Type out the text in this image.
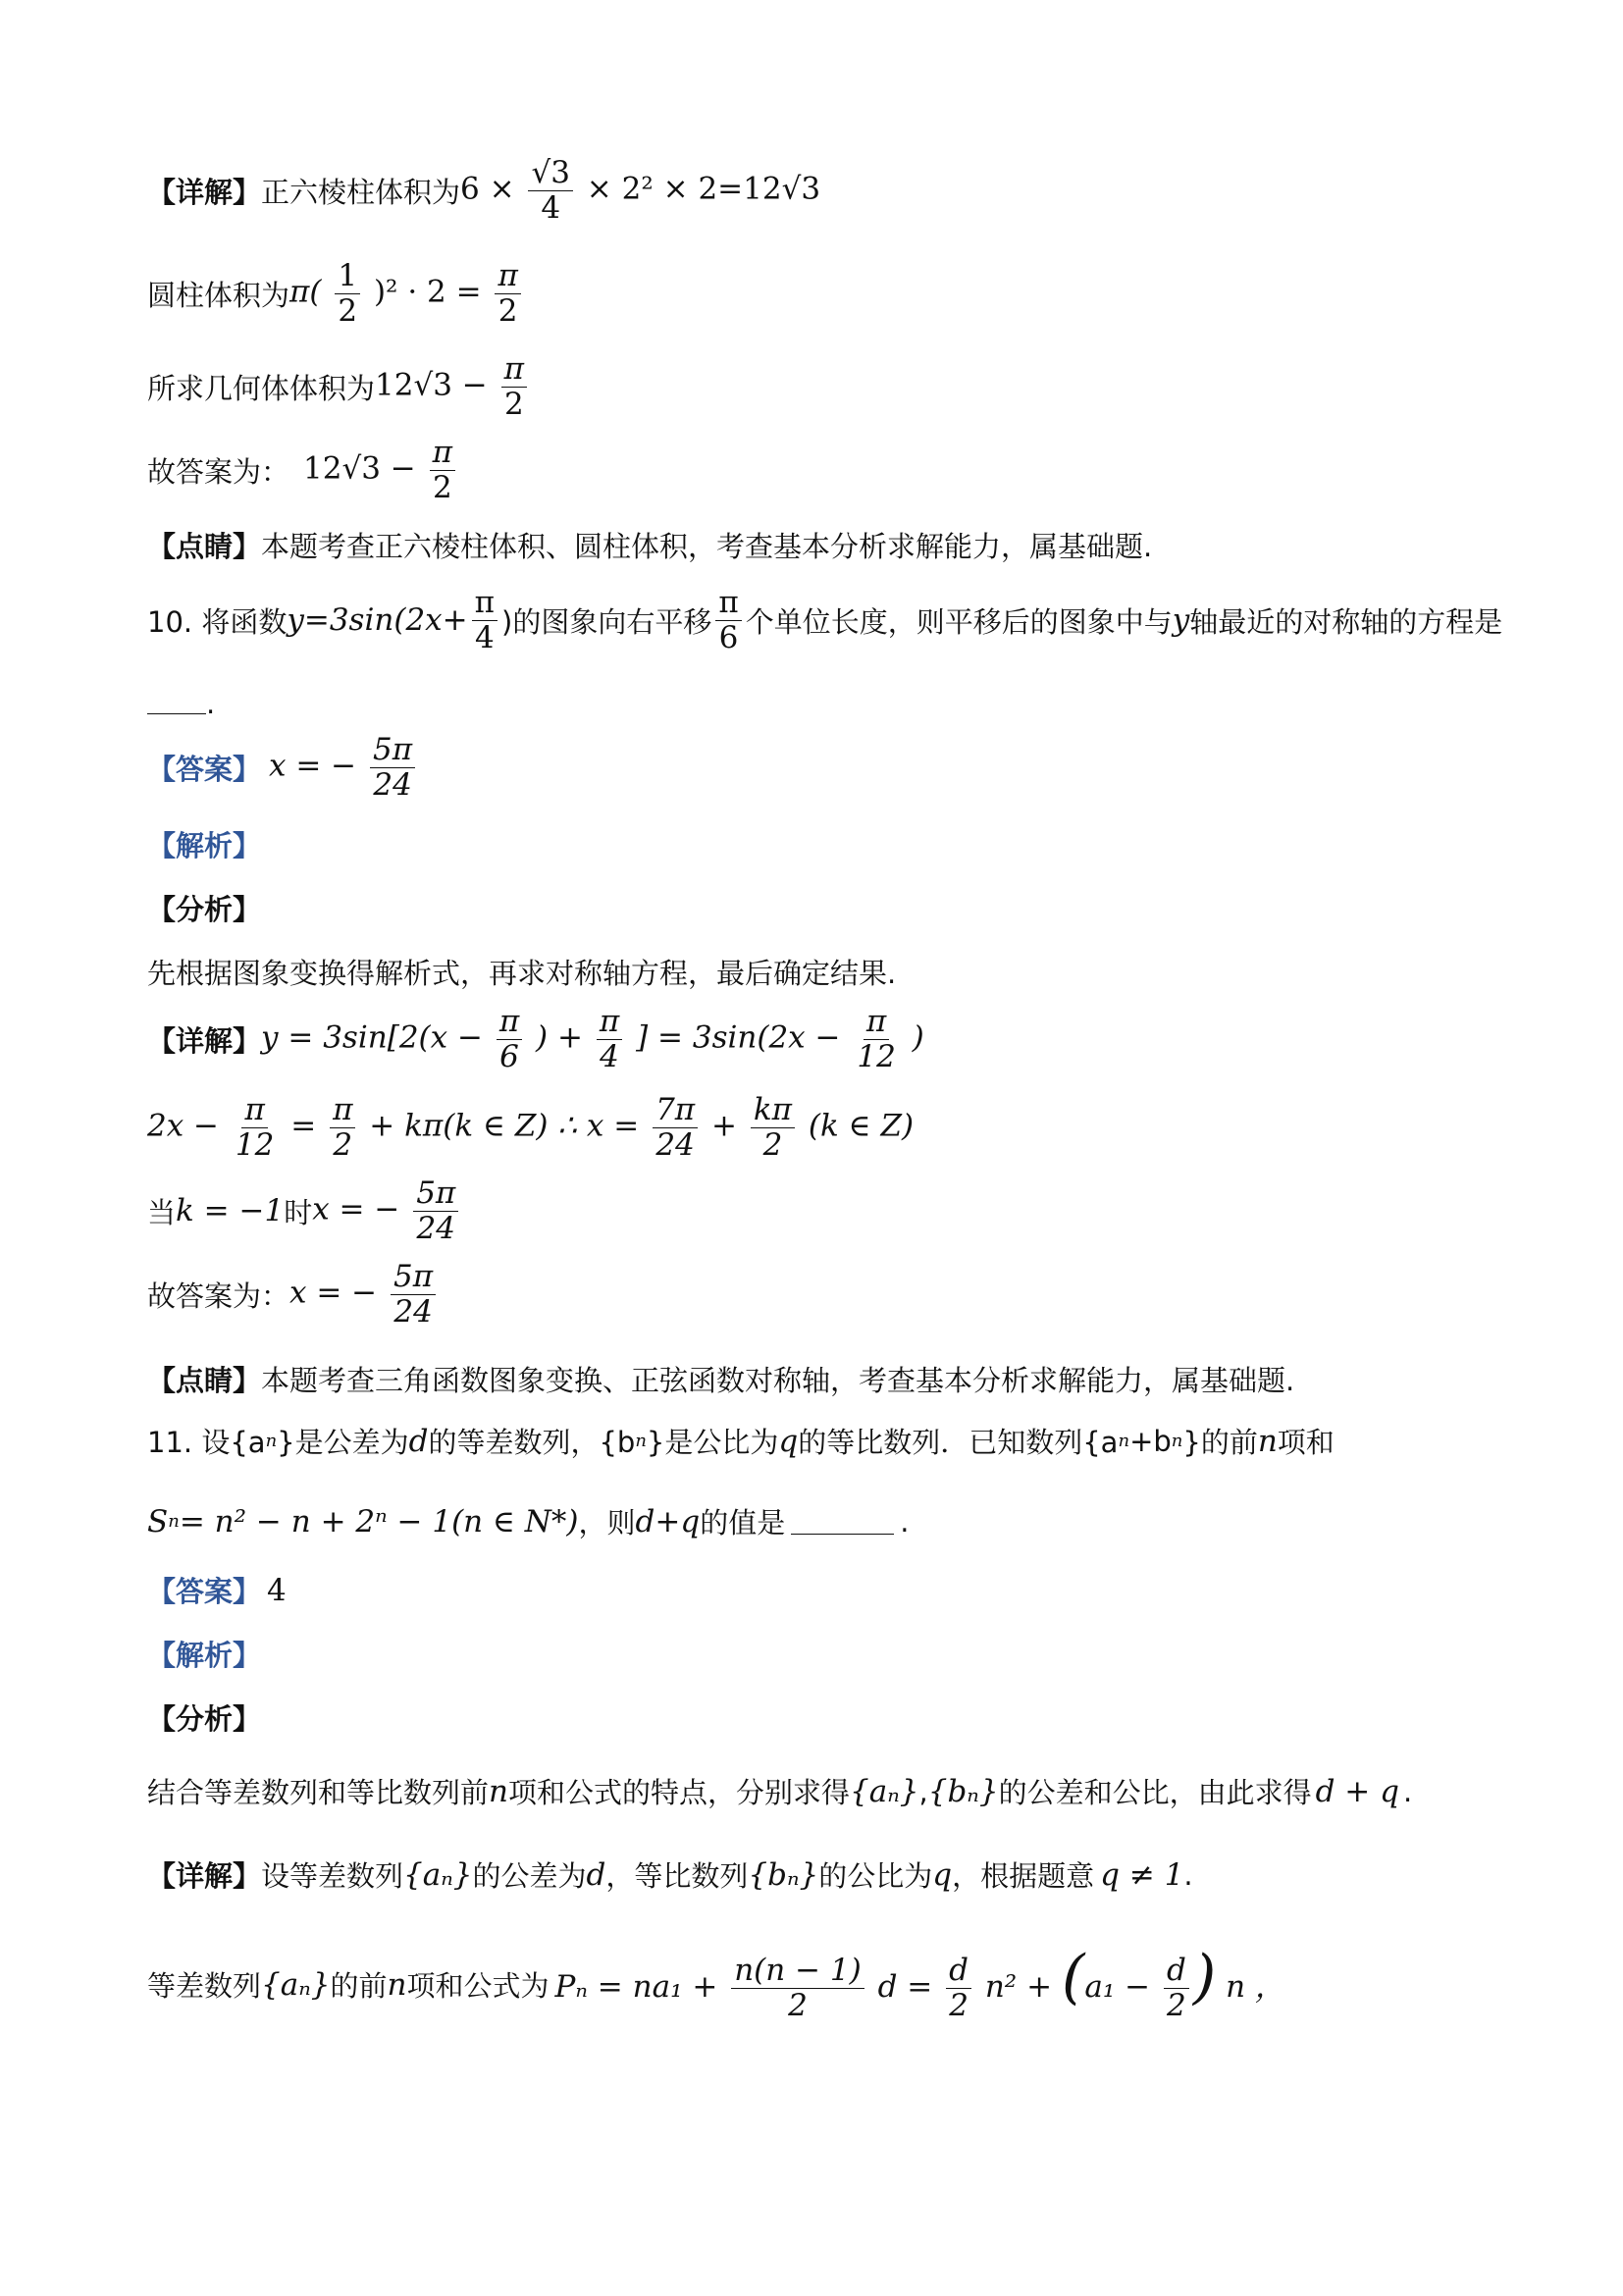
【详解】 正六棱柱体积为 $6 \times \frac{√3}{4} \times 2^2 \times 2=12√3$
圆柱体积为 $\pi( \frac{1}{2} )^2 \cdot 2 = \frac{\pi}{2}$
所求几何体体积为 $12√3 - \frac{\pi}{2}$
故答案为： $12√3 - \frac{\pi}{2}$
【点睛】 本题考查正六棱柱体积、圆柱体积，考查基本分析求解能力，属基础题.
10. 将函数 $y=3\sin(2x+ \frac{\pi}{4}$ )的图象向右平移 $\frac{\pi}{6}$ 个单位长度，则平移后的图象中与 y 轴最近的对称轴的方程是
.
【答案】 x = − $\frac{5\pi}{24}$
【解析】
【分析】
先根据图象变换得解析式，再求对称轴方程，最后确定结果.
【详解】 $y = 3\sin[2(x - \frac{\pi}{6}$ ) + $\frac{\pi}{4}$ ] = $3\sin(2x - \frac{\pi}{12}$ )
$2x - \frac{\pi}{12} = \frac{\pi}{2} + k\pi(k$ ∈ Z) ∴ $x = \frac{7\pi}{24} + \frac{k\pi}{2} (k$ ∈ Z)
当 k = −1 时 x = − $\frac{5\pi}{24}$
故答案为： x = − $\frac{5\pi}{24}$
【点睛】 本题考查三角函数图象变换、正弦函数对称轴，考查基本分析求解能力，属基础题.
11. 设{a n }是公差为 d 的等差数列，{b n }是公比为 q 的等比数列．已知数列{a n +b n }的前 n 项和
S n = n² − n + 2ⁿ − 1(n ∈ N*) ，则 d+q 的值是	.
【答案】 4
【解析】
【分析】
结合等差数列和等比数列前 n 项和公式的特点，分别求得 {aₙ} , {bₙ} 的公差和公比，由此求得 d + q .
【详解】 设等差数列 {aₙ} 的公差为 d ，等比数列 {bₙ} 的公比为 q ，根据题意 q ≠ 1 .
等差数列 {aₙ} 的前 n 项和公式为 $P_n = na_1 + \frac{n(n - 1)}{2}$ $d = \frac{d}{2} n^2 + (a_1 - \frac{d}{2}$ ) n ，
